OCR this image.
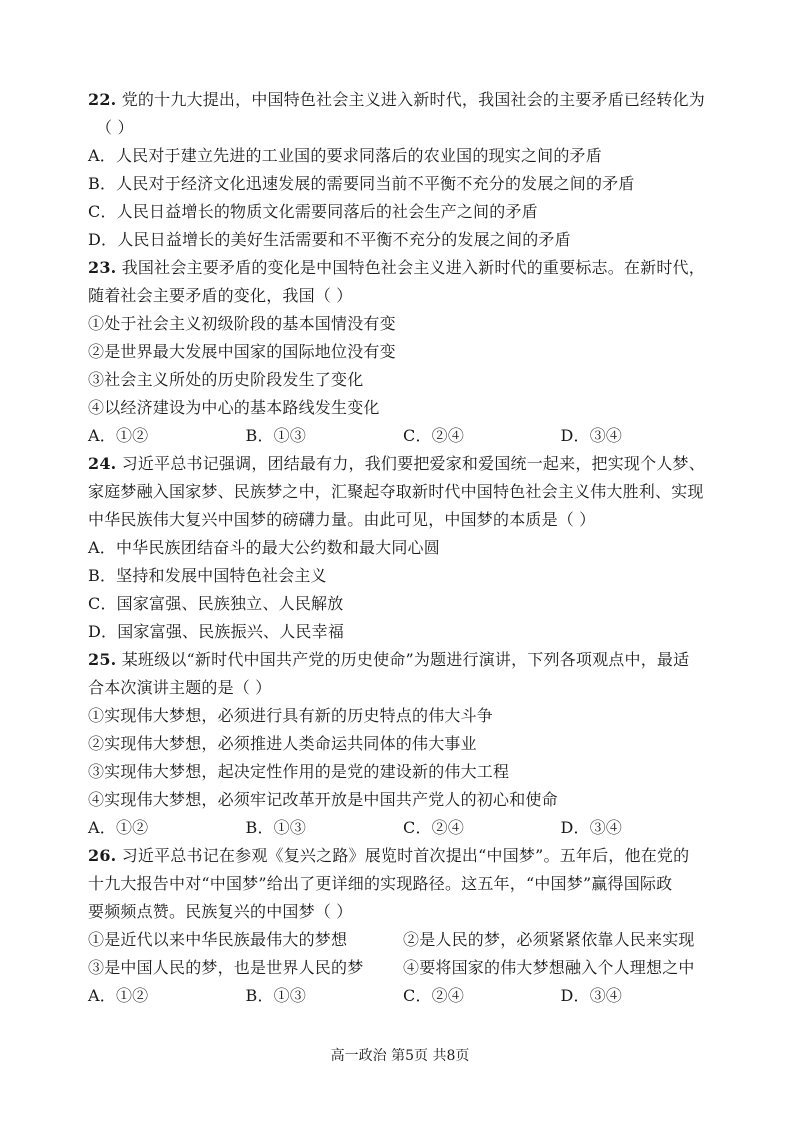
22. 党的十九大提出，中国特色社会主义进入新时代，我国社会的主要矛盾已经转化为
（ ）
A．人民对于建立先进的工业国的要求同落后的农业国的现实之间的矛盾
B．人民对于经济文化迅速发展的需要同当前不平衡不充分的发展之间的矛盾
C．人民日益增长的物质文化需要同落后的社会生产之间的矛盾
D．人民日益增长的美好生活需要和不平衡不充分的发展之间的矛盾
23. 我国社会主要矛盾的变化是中国特色社会主义进入新时代的重要标志。在新时代，
随着社会主要矛盾的变化，我国（ ）
①处于社会主义初级阶段的基本国情没有变
②是世界最大发展中国家的国际地位没有变
③社会主义所处的历史阶段发生了变化
④以经济建设为中心的基本路线发生变化
A．①②	B．①③	C．②④	D．③④
24. 习近平总书记强调，团结最有力，我们要把爱家和爱国统一起来，把实现个人梦、
家庭梦融入国家梦、民族梦之中，汇聚起夺取新时代中国特色社会主义伟大胜利、实现
中华民族伟大复兴中国梦的磅礴力量。由此可见，中国梦的本质是（ ）
A．中华民族团结奋斗的最大公约数和最大同心圆
B．坚持和发展中国特色社会主义
C．国家富强、民族独立、人民解放
D．国家富强、民族振兴、人民幸福
25. 某班级以“新时代中国共产党的历史使命”为题进行演讲，下列各项观点中，最适
合本次演讲主题的是（ ）
①实现伟大梦想，必须进行具有新的历史特点的伟大斗争
②实现伟大梦想，必须推进人类命运共同体的伟大事业
③实现伟大梦想，起决定性作用的是党的建设新的伟大工程
④实现伟大梦想，必须牢记改革开放是中国共产党人的初心和使命
A．①②	B．①③	C．②④	D．③④
26. 习近平总书记在参观《复兴之路》展览时首次提出“中国梦”。五年后，他在党的
十九大报告中对“中国梦”给出了更详细的实现路径。这五年，“中国梦”赢得国际政
要频频点赞。民族复兴的中国梦（ ）
①是近代以来中华民族最伟大的梦想	②是人民的梦，必须紧紧依靠人民来实现
③是中国人民的梦，也是世界人民的梦	④要将国家的伟大梦想融入个人理想之中
A．①②	B．①③	C．②④	D．③④
高一政治 第5页 共8页
